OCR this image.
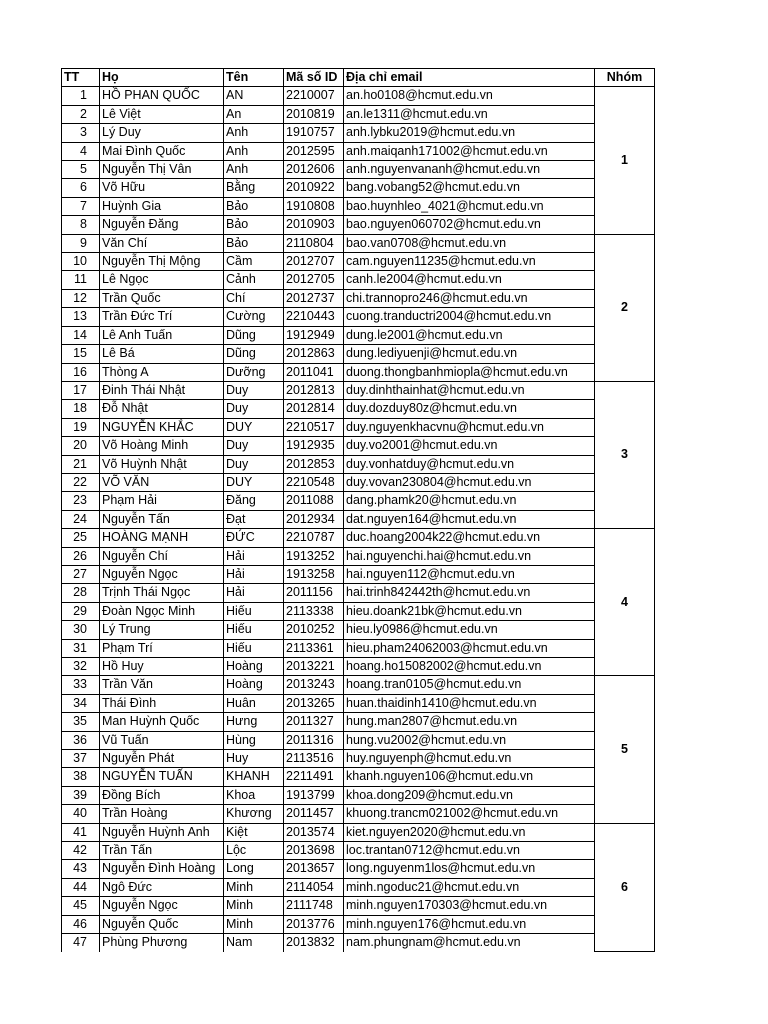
TT	Họ	Tên	Mã số ID	Địa chỉ email	Nhóm
1	HỒ PHAN QUỐC	AN	2210007	an.ho0108@hcmut.edu.vn	1
2	Lê Việt	An	2010819	an.le1311@hcmut.edu.vn	
3	Lý Duy	Anh	1910757	anh.lybku2019@hcmut.edu.vn	
4	Mai Đình Quốc	Anh	2012595	anh.maiqanh171002@hcmut.edu.vn	
5	Nguyễn Thị Vân	Anh	2012606	anh.nguyenvananh@hcmut.edu.vn	
6	Võ Hữu	Bằng	2010922	bang.vobang52@hcmut.edu.vn	
7	Huỳnh Gia	Bảo	1910808	bao.huynhleo_4021@hcmut.edu.vn	
8	Nguyễn Đăng	Bảo	2010903	bao.nguyen060702@hcmut.edu.vn	
9	Văn Chí	Bảo	2110804	bao.van0708@hcmut.edu.vn	2
10	Nguyễn Thị Mộng	Cầm	2012707	cam.nguyen11235@hcmut.edu.vn	
11	Lê Ngọc	Cảnh	2012705	canh.le2004@hcmut.edu.vn	
12	Trần Quốc	Chí	2012737	chi.trannopro246@hcmut.edu.vn	
13	Trần Đức Trí	Cường	2210443	cuong.tranductri2004@hcmut.edu.vn	
14	Lê Anh Tuấn	Dũng	1912949	dung.le2001@hcmut.edu.vn	
15	Lê Bá	Dũng	2012863	dung.lediyuenji@hcmut.edu.vn	
16	Thòng A	Dưỡng	2011041	duong.thongbanhmiopla@hcmut.edu.vn	
17	Đinh Thái Nhật	Duy	2012813	duy.dinhthainhat@hcmut.edu.vn	3
18	Đỗ Nhật	Duy	2012814	duy.dozduy80z@hcmut.edu.vn	
19	NGUYỄN KHẮC	DUY	2210517	duy.nguyenkhacvnu@hcmut.edu.vn	
20	Võ Hoàng Minh	Duy	1912935	duy.vo2001@hcmut.edu.vn	
21	Võ Huỳnh Nhật	Duy	2012853	duy.vonhatduy@hcmut.edu.vn	
22	VÕ VĂN	DUY	2210548	duy.vovan230804@hcmut.edu.vn	
23	Phạm Hải	Đăng	2011088	dang.phamk20@hcmut.edu.vn	
24	Nguyễn Tấn	Đạt	2012934	dat.nguyen164@hcmut.edu.vn	
25	HOÀNG MẠNH	ĐỨC	2210787	duc.hoang2004k22@hcmut.edu.vn	4
26	Nguyễn Chí	Hải	1913252	hai.nguyenchi.hai@hcmut.edu.vn	
27	Nguyễn Ngọc	Hải	1913258	hai.nguyen112@hcmut.edu.vn	
28	Trịnh Thái Ngọc	Hải	2011156	hai.trinh842442th@hcmut.edu.vn	
29	Đoàn Ngọc Minh	Hiếu	2113338	hieu.doank21bk@hcmut.edu.vn	
30	Lý Trung	Hiếu	2010252	hieu.ly0986@hcmut.edu.vn	
31	Phạm Trí	Hiếu	2113361	hieu.pham24062003@hcmut.edu.vn	
32	Hồ Huy	Hoàng	2013221	hoang.ho15082002@hcmut.edu.vn	
33	Trần Văn	Hoàng	2013243	hoang.tran0105@hcmut.edu.vn	5
34	Thái Đình	Huân	2013265	huan.thaidinh1410@hcmut.edu.vn	
35	Man Huỳnh Quốc	Hưng	2011327	hung.man2807@hcmut.edu.vn	
36	Vũ Tuấn	Hùng	2011316	hung.vu2002@hcmut.edu.vn	
37	Nguyễn Phát	Huy	2113516	huy.nguyenph@hcmut.edu.vn	
38	NGUYỄN TUẤN	KHANH	2211491	khanh.nguyen106@hcmut.edu.vn	
39	Đồng Bích	Khoa	1913799	khoa.dong209@hcmut.edu.vn	
40	Trần Hoàng	Khương	2011457	khuong.trancm021002@hcmut.edu.vn	
41	Nguyễn Huỳnh Anh	Kiệt	2013574	kiet.nguyen2020@hcmut.edu.vn	6
42	Trần Tấn	Lộc	2013698	loc.trantan0712@hcmut.edu.vn	
43	Nguyễn Đình Hoàng	Long	2013657	long.nguyenm1los@hcmut.edu.vn	
44	Ngô Đức	Minh	2114054	minh.ngoduc21@hcmut.edu.vn	
45	Nguyễn Ngọc	Minh	2111748	minh.nguyen170303@hcmut.edu.vn	
46	Nguyễn Quốc	Minh	2013776	minh.nguyen176@hcmut.edu.vn	
47	Phùng Phương	Nam	2013832	nam.phungnam@hcmut.edu.vn	
